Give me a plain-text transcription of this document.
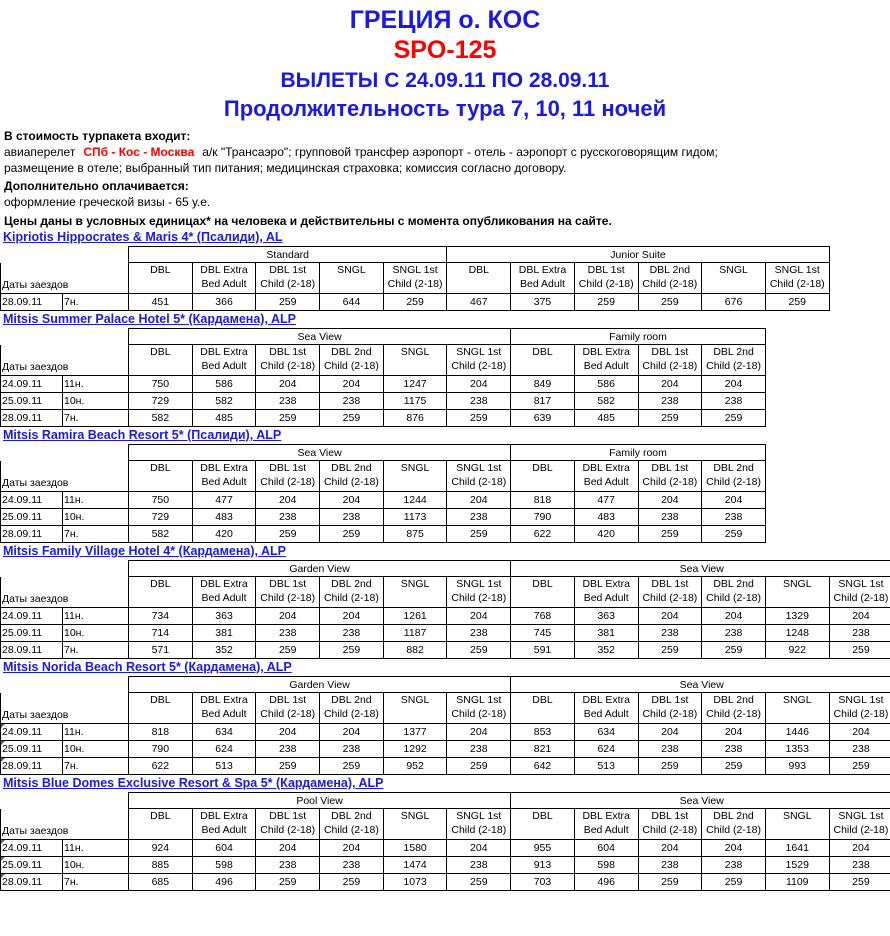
ГРЕЦИЯ о. КОС
SPO-125
ВЫЛЕТЫ С 24.09.11 ПО 28.09.11
Продолжительность тура 7, 10, 11 ночей
В стоимость турпакета входит:
авиаперелет СПб - Кос - Москва а/к "Трансаэро"; групповой трансфер аэропорт - отель - аэропорт с русскоговорящим гидом;
размещение в отеле; выбранный тип питания; медицинская страховка; комиссия согласно договору.
Дополнительно оплачивается:
оформление греческой визы - 65 у.е.
Цены даны в условных единицах* на человека и действительны с момента опубликования на сайте.
Kipriotis Hippocrates & Maris 4* (Псалиди), AL
		Standard					Junior Suite					
Даты заездов		DBL	DBL Extra
Bed Adult	DBL 1st
Child (2-18)	SNGL	SNGL 1st
Child (2-18)	DBL	DBL Extra
Bed Adult	DBL 1st
Child (2-18)	DBL 2nd
Child (2-18)	SNGL	SNGL 1st
Child (2-18)
28.09.11	7н.	451	366	259	644	259	467	375	259	259	676	259
Mitsis Summer Palace Hotel 5* (Кардамена), ALP
		Sea View						Family room			
Даты заездов		DBL	DBL Extra
Bed Adult	DBL 1st
Child (2-18)	DBL 2nd
Child (2-18)	SNGL	SNGL 1st
Child (2-18)	DBL	DBL Extra
Bed Adult	DBL 1st
Child (2-18)	DBL 2nd
Child (2-18)
24.09.11	11н.	750	586	204	204	1247	204	849	586	204	204
25.09.11	10н.	729	582	238	238	1175	238	817	582	238	238
28.09.11	7н.	582	485	259	259	876	259	639	485	259	259
Mitsis Ramira Beach Resort 5* (Псалиди), ALP
		Sea View						Family room			
Даты заездов		DBL	DBL Extra
Bed Adult	DBL 1st
Child (2-18)	DBL 2nd
Child (2-18)	SNGL	SNGL 1st
Child (2-18)	DBL	DBL Extra
Bed Adult	DBL 1st
Child (2-18)	DBL 2nd
Child (2-18)
24.09.11	11н.	750	477	204	204	1244	204	818	477	204	204
25.09.11	10н.	729	483	238	238	1173	238	790	483	238	238
28.09.11	7н.	582	420	259	259	875	259	622	420	259	259
Mitsis Family Village Hotel 4* (Кардамена), ALP
		Garden View						Sea View					
Даты заездов		DBL	DBL Extra
Bed Adult	DBL 1st
Child (2-18)	DBL 2nd
Child (2-18)	SNGL	SNGL 1st
Child (2-18)	DBL	DBL Extra
Bed Adult	DBL 1st
Child (2-18)	DBL 2nd
Child (2-18)	SNGL	SNGL 1st
Child (2-18)
24.09.11	11н.	734	363	204	204	1261	204	768	363	204	204	1329	204
25.09.11	10н.	714	381	238	238	1187	238	745	381	238	238	1248	238
28.09.11	7н.	571	352	259	259	882	259	591	352	259	259	922	259
Mitsis Norida Beach Resort 5* (Кардамена), ALP
		Garden View						Sea View					
Даты заездов		DBL	DBL Extra
Bed Adult	DBL 1st
Child (2-18)	DBL 2nd
Child (2-18)	SNGL	SNGL 1st
Child (2-18)	DBL	DBL Extra
Bed Adult	DBL 1st
Child (2-18)	DBL 2nd
Child (2-18)	SNGL	SNGL 1st
Child (2-18)
24.09.11	11н.	818	634	204	204	1377	204	853	634	204	204	1446	204
25.09.11	10н.	790	624	238	238	1292	238	821	624	238	238	1353	238
28.09.11	7н.	622	513	259	259	952	259	642	513	259	259	993	259
Mitsis Blue Domes Exclusive Resort & Spa 5* (Кардамена), ALP
		Pool View						Sea View					
Даты заездов		DBL	DBL Extra
Bed Adult	DBL 1st
Child (2-18)	DBL 2nd
Child (2-18)	SNGL	SNGL 1st
Child (2-18)	DBL	DBL Extra
Bed Adult	DBL 1st
Child (2-18)	DBL 2nd
Child (2-18)	SNGL	SNGL 1st
Child (2-18)
24.09.11	11н.	924	604	204	204	1580	204	955	604	204	204	1641	204
25.09.11	10н.	885	598	238	238	1474	238	913	598	238	238	1529	238
28.09.11	7н.	685	496	259	259	1073	259	703	496	259	259	1109	259
